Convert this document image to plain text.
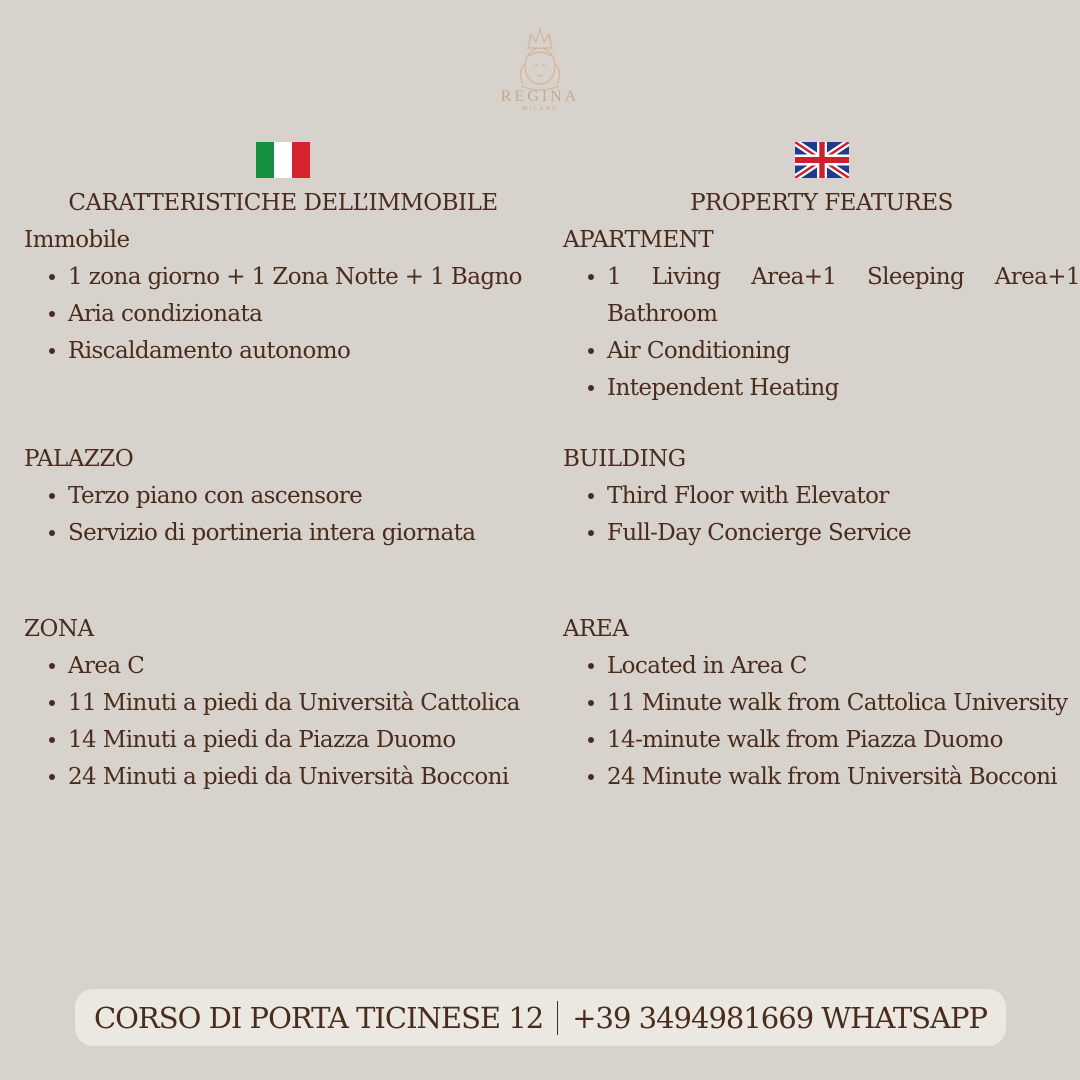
REGINA
MILANO
CARATTERISTICHE DELL’IMMOBILE
Immobile
1 zona giorno + 1 Zona Notte + 1 Bagno
Aria condizionata
Riscaldamento autonomo
PALAZZO
Terzo piano con ascensore
Servizio di portineria intera giornata
ZONA
Area C
11 Minuti a piedi da Università Cattolica
14 Minuti a piedi da Piazza Duomo
24 Minuti a piedi da Università Bocconi
PROPERTY FEATURES
APARTMENT
1 Living Area+1 Sleeping Area+1 Bathroom
Air Conditioning
Intependent Heating
BUILDING
Third Floor with Elevator
Full-Day Concierge Service
AREA
Located in Area C
11 Minute walk from Cattolica University
14-minute walk from Piazza Duomo
24 Minute walk from Università Bocconi
CORSO DI PORTA TICINESE 12 +39 3494981669 WHATSAPP
